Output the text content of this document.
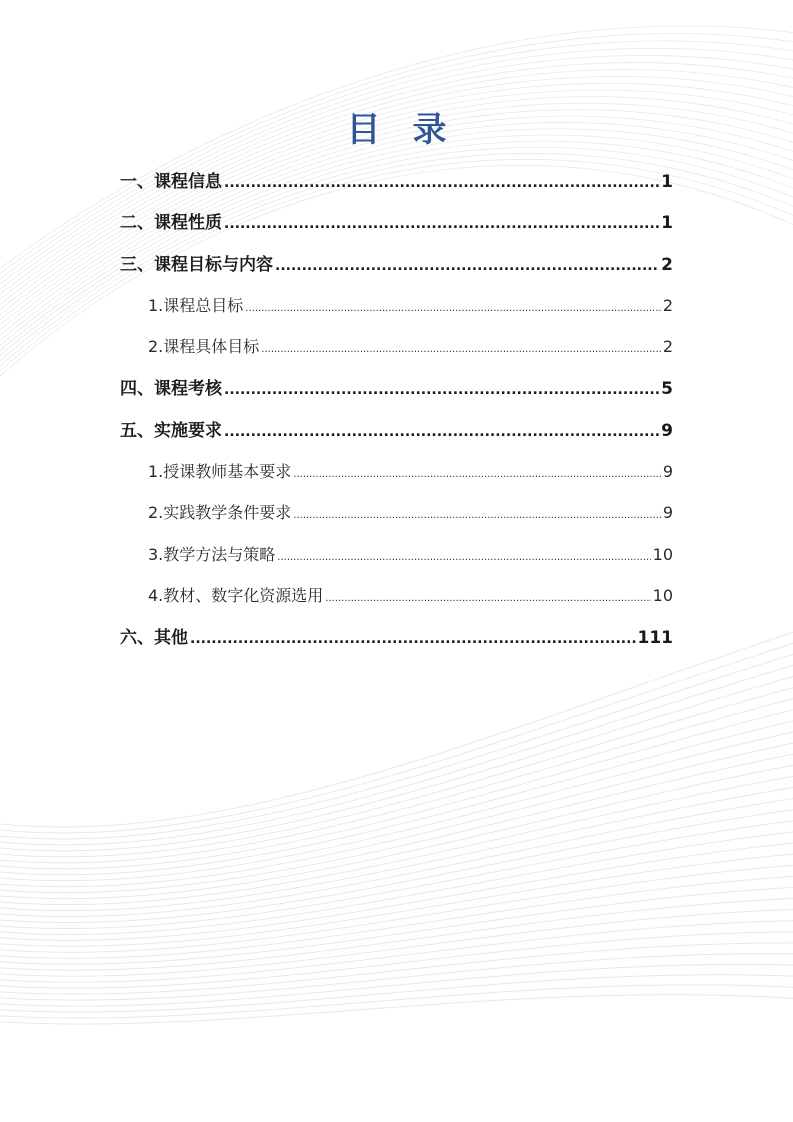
目录
一、课程信息 .....	1
二、课程性质 .....	1
三、课程目标与内容 .....	2
1.课程总目标 .....	2
2.课程具体目标 .....	2
四、课程考核 .....	5
五、实施要求 .....	9
1.授课教师基本要求 .....	9
2.实践教学条件要求 .....	9
3.教学方法与策略 .....	10
4.教材、数字化资源选用 .....	10
六、其他 .....	111
